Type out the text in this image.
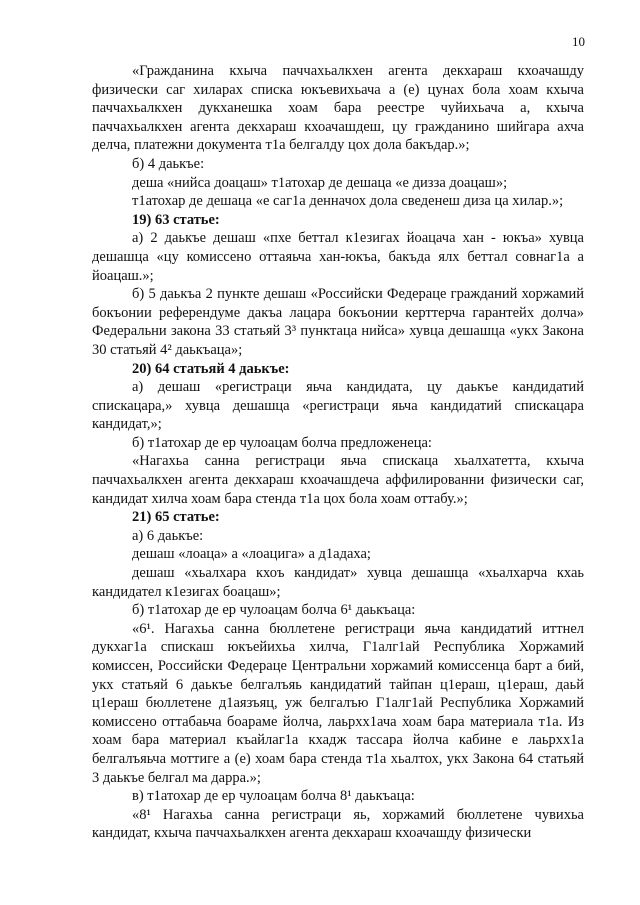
10

«Гражданина кхыча паччахьалкхен агента декхараш кхоачашду физически саг хиларах списка юкъевихьача а (е) цунах бола хоам кхыча паччахьалкхен дукханешка хоам бара реестре чуйихьача а, кхыча паччахьалкхен агента декхараш кхоачашдеш, цу гражданино шийгара ахча делча, платежни документа т1а белгалду цох дола бакъдар.»;

б) 4 даькъе:

деша «нийса доацаш» т1атохар де дешаца «е дизза доацаш»;

т1атохар де дешаца «е саг1а денначох дола сведенеш диза ца хилар.»;

19) 63 статье:

а) 2 даькъе дешаш «пхе беттал к1езигах йоацача хан - юкъа» хувца дешашца «цу комиссено оттаяьча хан-юкъа, бакъда ялх беттал совнаг1а а йоацаш.»;

б) 5 даькъа 2 пункте дешаш «Российски Федераце гражданий хоржамий бокъонии референдуме дакъа лацара бокъонии керттерча гарантейх долча» Федеральни закона 33 статьяй 3³ пунктаца нийса» хувца дешашца «укх Закона 30 статьяй 4² даькъаца»;

20) 64 статьяй 4 даькъе:

а) дешаш «регистраци яьча кандидата, цу даькъе кандидатий спискацара,» хувца дешашца «регистраци яьча кандидатий спискацара кандидат,»;

б) т1атохар де ер чулоацам болча предложенеца:

«Нагахьа санна регистраци яьча спискаца хьалхатетта, кхыча паччахьалкхен агента декхараш кхоачашдеча аффилированни физически саг, кандидат хилча хоам бара стенда т1а цох бола хоам оттабу.»;

21) 65 статье:

а) 6 даькъе:

дешаш «лоаца» а «лоацига» а д1адаха;

дешаш «хьалхара кхоъ кандидат» хувца дешашца «хьалхарча кхаь кандидател к1езигах боацаш»;

б) т1атохар де ер чулоацам болча 6¹ даькъаца:

«6¹. Нагахьа санна бюллетене регистраци яьча кандидатий иттнел дукхаг1а спискаш юкъейихьа хилча, Г1алг1ай Республика Хоржамий комиссен, Российски Федераце Центральни хоржамий комиссенца барт а бий, укх статьяй 6 даькъе белгалъяь кандидатий тайпан ц1ераш, ц1ераш, даьй ц1ераш бюллетене д1аязъяц, уж белгалъю Г1алг1ай Республика Хоржамий комиссено оттабаьча боараме йолча, лаьрхх1ача хоам бара материала т1а. Из хоам бара материал къайлаг1а кхадж тассара йолча кабине е лаьрхх1а белгалъяьча моттиге а (е) хоам бара стенда т1а хьалтох, укх Закона 64 статьяй 3 даькъе белгал ма дарра.»;

в) т1атохар де ер чулоацам болча 8¹ даькъаца:

«8¹ Нагахьа санна регистраци яь, хоржамий бюллетене чувихьа кандидат, кхыча паччахьалкхен агента декхараш кхоачашду физически
